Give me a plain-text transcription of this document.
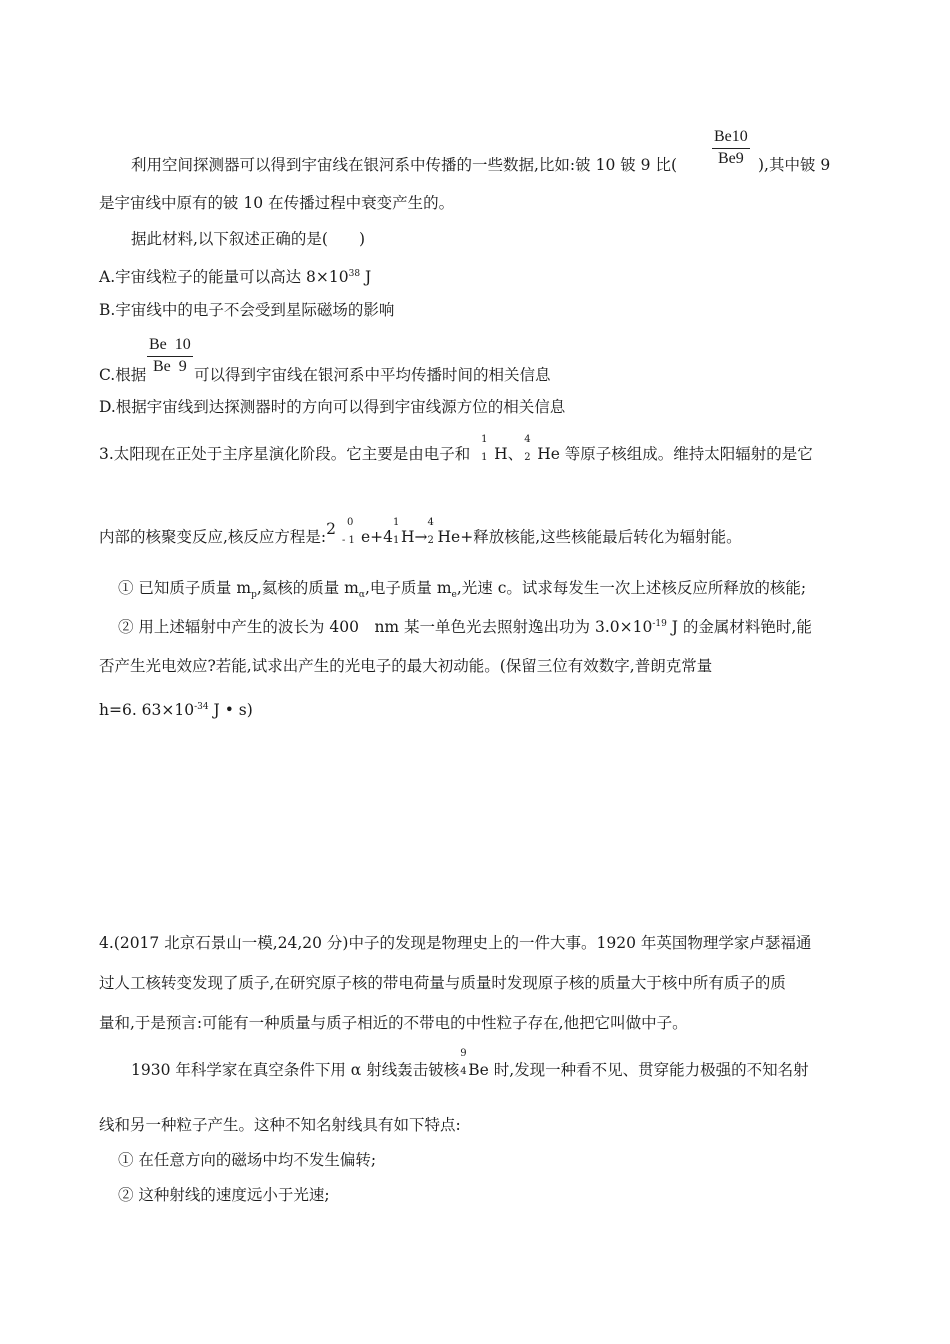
$\frac{Be10}{Be9}$
利用空间探测器可以得到宇宙线在银河系中传播的一些数据,比如:铍 10 铍 9 比(	),其中铍 9
是宇宙线中原有的铍 10 在传播过程中衰变产生的。
据此材料,以下叙述正确的是(　　)
A.宇宙线粒子的能量可以高达 $8\times 10^{38}$ J
B.宇宙线中的电子不会受到星际磁场的影响
$\frac{Be 10}{Be 9}$
C.根据	可以得到宇宙线在银河系中平均传播时间的相关信息
D.根据宇宙线到达探测器时的方向可以得到宇宙线源方位的相关信息
3.太阳现在正处于主序星演化阶段。它主要是由电子和
1
1 H、
4
2 He 等原子核组成。维持太阳辐射的是它
内部的核聚变反应,核反应方程是:2 0
- 1 e+4
1
1 H→
4
2 He+释放核能,这些核能最后转化为辐射能。
① 已知质子质量 $m_p$,氦核的质量 $m_\alpha$,电子质量 $m_e$,光速 c。试求每发生一次上述核反应所释放的核能;
② 用上述辐射中产生的波长为 400　nm 某一单色光去照射逸出功为 $3.0\times 10^{-19}$ J 的金属材料铯时,能
否产生光电效应?若能,试求出产生的光电子的最大初动能。(保留三位有效数字,普朗克常量
h=6. $63\times 10^{-34}$ J • s)
4.(2017 北京石景山一模,24,20 分)中子的发现是物理史上的一件大事。1920 年英国物理学家卢瑟福通
过人工核转变发现了质子,在研究原子核的带电荷量与质量时发现原子核的质量大于核中所有质子的质
量和,于是预言:可能有一种质量与质子相近的不带电的中性粒子存在,他把它叫做中子。
1930 年科学家在真空条件下用 α 射线轰击铍核
9
4 Be 时,发现一种看不见、贯穿能力极强的不知名射
线和另一种粒子产生。这种不知名射线具有如下特点:
① 在任意方向的磁场中均不发生偏转;
② 这种射线的速度远小于光速;
